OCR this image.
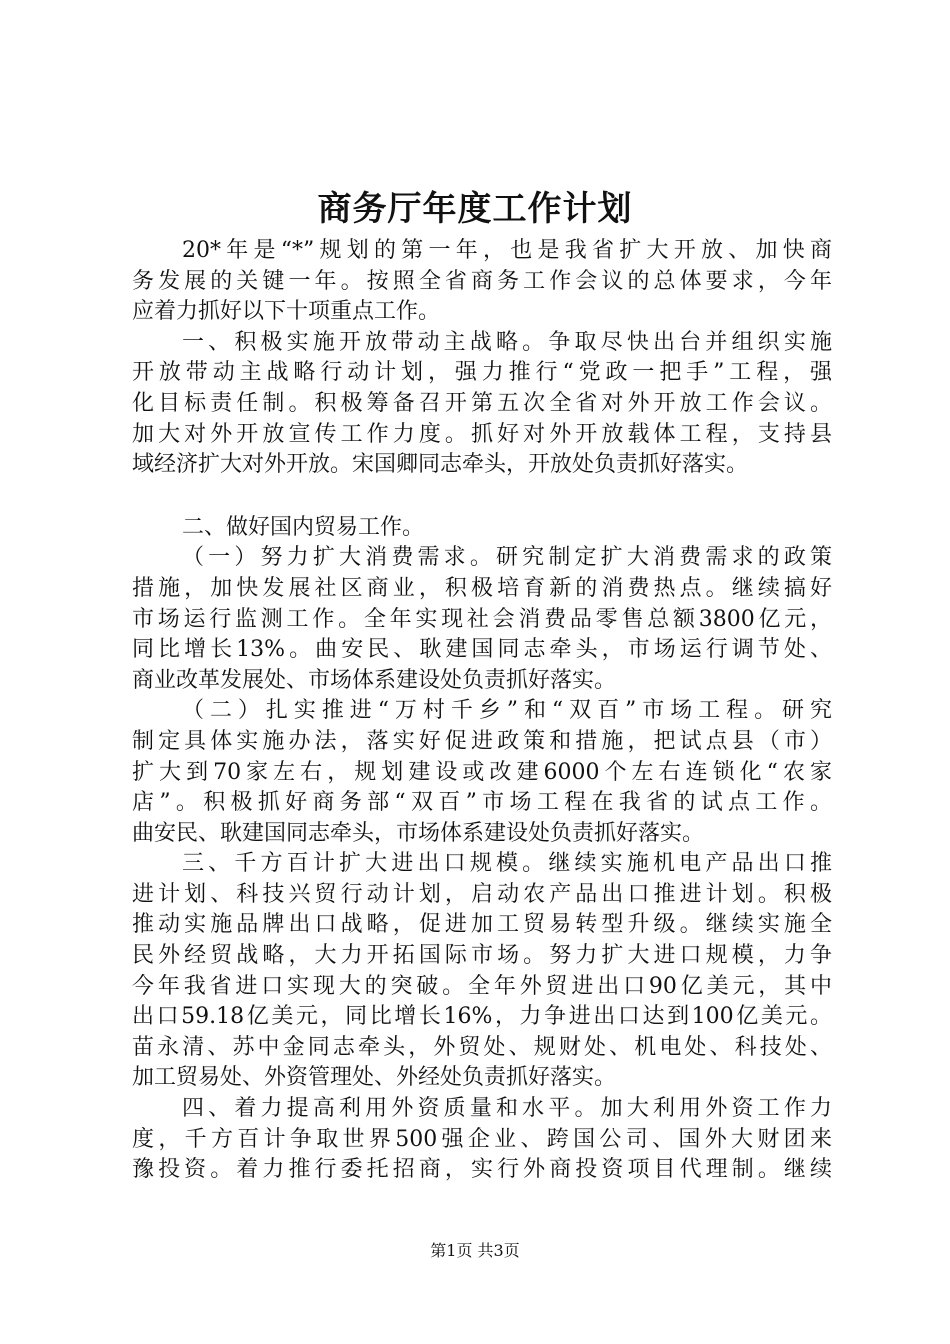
商务厅年度工作计划
20*年是“*”规划的第一年，也是我省扩大开放、加快商
务发展的关键一年。按照全省商务工作会议的总体要求，今年
应着力抓好以下十项重点工作。
一、积极实施开放带动主战略。争取尽快出台并组织实施
开放带动主战略行动计划，强力推行“党政一把手”工程，强
化目标责任制。积极筹备召开第五次全省对外开放工作会议。
加大对外开放宣传工作力度。抓好对外开放载体工程，支持县
域经济扩大对外开放。宋国卿同志牵头，开放处负责抓好落实。
二、做好国内贸易工作。
（一）努力扩大消费需求。研究制定扩大消费需求的政策
措施，加快发展社区商业，积极培育新的消费热点。继续搞好
市场运行监测工作。全年实现社会消费品零售总额3800亿元，
同比增长13%。曲安民、耿建国同志牵头，市场运行调节处、
商业改革发展处、市场体系建设处负责抓好落实。
（二）扎实推进“万村千乡”和“双百”市场工程。研究
制定具体实施办法，落实好促进政策和措施，把试点县（市）
扩大到70家左右，规划建设或改建6000个左右连锁化“农家
店”。积极抓好商务部“双百”市场工程在我省的试点工作。
曲安民、耿建国同志牵头，市场体系建设处负责抓好落实。
三、千方百计扩大进出口规模。继续实施机电产品出口推
进计划、科技兴贸行动计划，启动农产品出口推进计划。积极
推动实施品牌出口战略，促进加工贸易转型升级。继续实施全
民外经贸战略，大力开拓国际市场。努力扩大进口规模，力争
今年我省进口实现大的突破。全年外贸进出口90亿美元，其中
出口59.18亿美元，同比增长16%，力争进出口达到100亿美元。
苗永清、苏中金同志牵头，外贸处、规财处、机电处、科技处、
加工贸易处、外资管理处、外经处负责抓好落实。
四、着力提高利用外资质量和水平。加大利用外资工作力
度，千方百计争取世界500强企业、跨国公司、国外大财团来
豫投资。着力推行委托招商，实行外商投资项目代理制。继续
第1页 共3页
